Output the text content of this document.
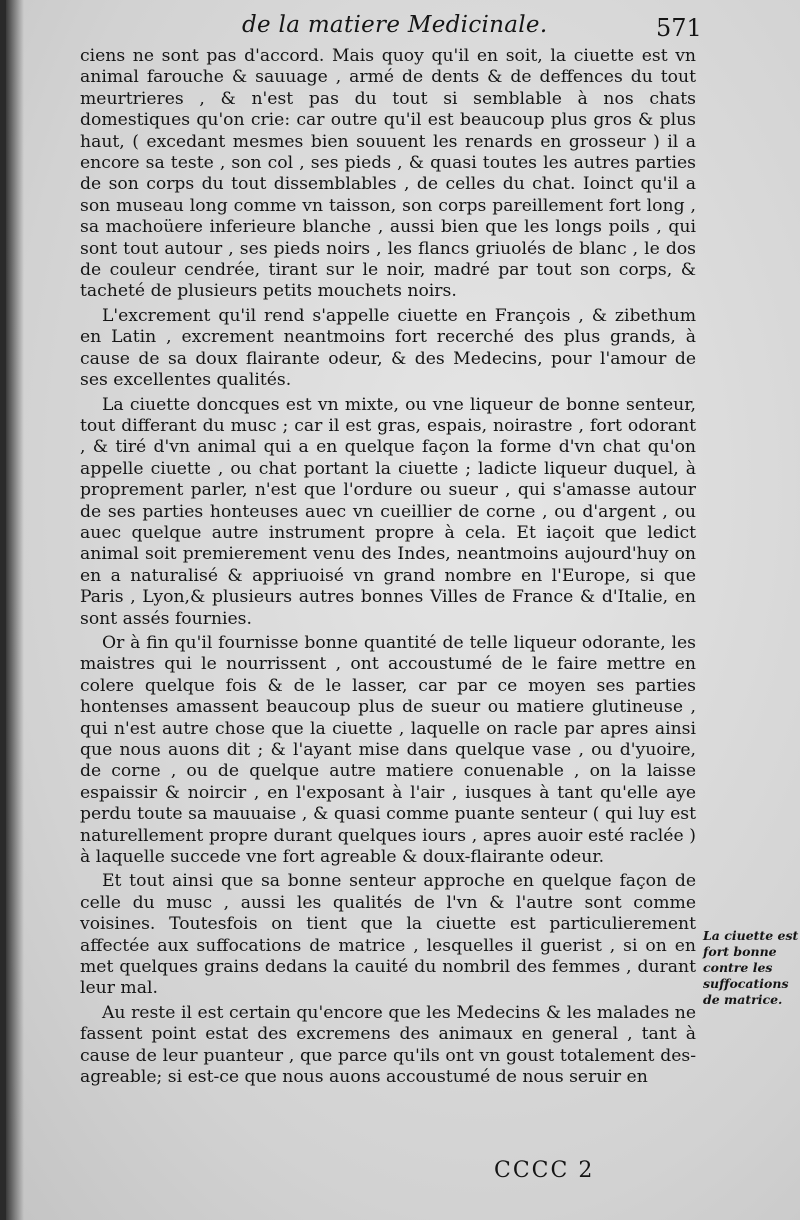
de la matiere Medicinale.	571

ciens ne sont pas d'accord. Mais quoy qu'il en soit, la ciuette est vn animal farouche & sauuage , armé de dents & de deffences du tout meurtrieres , & n'est pas du tout si semblable à nos chats domestiques qu'on crie: car outre qu'il est beaucoup plus gros & plus haut, ( excedant mesmes bien souuent les renards en grosseur ) il a encore sa teste , son col , ses pieds , & quasi toutes les autres parties de son corps du tout dissemblables , de celles du chat. Ioinct qu'il a son museau long comme vn taisson, son corps pareillement fort long , sa machoüere inferieure blanche , aussi bien que les longs poils , qui sont tout autour , ses pieds noirs , les flancs griuolés de blanc , le dos de couleur cendrée, tirant sur le noir, madré par tout son corps, & tacheté de plusieurs petits mouchets noirs.

L'excrement qu'il rend s'appelle ciuette en François , & zibethum en Latin , excrement neantmoins fort recerché des plus grands, à cause de sa doux flairante odeur, & des Medecins, pour l'amour de ses excellentes qualités.

La ciuette doncques est vn mixte, ou vne liqueur de bonne senteur, tout differant du musc ; car il est gras, espais, noirastre , fort odorant , & tiré d'vn animal qui a en quelque façon la forme d'vn chat qu'on appelle ciuette , ou chat portant la ciuette ; ladicte liqueur duquel, à proprement parler, n'est que l'ordure ou sueur , qui s'amasse autour de ses parties honteuses auec vn cueillier de corne , ou d'argent , ou auec quelque autre instrument propre à cela. Et iaçoit que ledict animal soit premierement venu des Indes, neantmoins aujourd'huy on en a naturalisé & appriuoisé vn grand nombre en l'Europe, si que Paris , Lyon,& plusieurs autres bonnes Villes de France & d'Italie, en sont assés fournies.

Or à fin qu'il fournisse bonne quantité de telle liqueur odorante, les maistres qui le nourrissent , ont accoustumé de le faire mettre en colere quelque fois & de le lasser, car par ce moyen ses parties hontenses amassent beaucoup plus de sueur ou matiere glutineuse , qui n'est autre chose que la ciuette , laquelle on racle par apres ainsi que nous auons dit ; & l'ayant mise dans quelque vase , ou d'yuoire, de corne , ou de quelque autre matiere conuenable , on la laisse espaissir & noircir , en l'exposant à l'air , iusques à tant qu'elle aye perdu toute sa mauuaise , & quasi comme puante senteur ( qui luy est naturellement propre durant quelques iours , apres auoir esté raclée ) à laquelle succede vne fort agreable & doux-flairante odeur.

Et tout ainsi que sa bonne senteur approche en quelque façon de celle du musc , aussi les qualités de l'vn & l'autre sont comme voisines. Toutesfois on tient que la ciuette est particulierement affectée aux suffocations de matrice , lesquelles il guerist , si on en met quelques grains dedans la cauité du nombril des femmes , durant leur mal.

Au reste il est certain qu'encore que les Medecins & les malades ne fassent point estat des excremens des animaux en general , tant à cause de leur puanteur , que parce qu'ils ont vn goust totalement des-agreable; si est-ce que nous auons accoustumé de nous seruir en

La ciuette est fort bonne contre les suffocations de matrice.
CCCC 2
